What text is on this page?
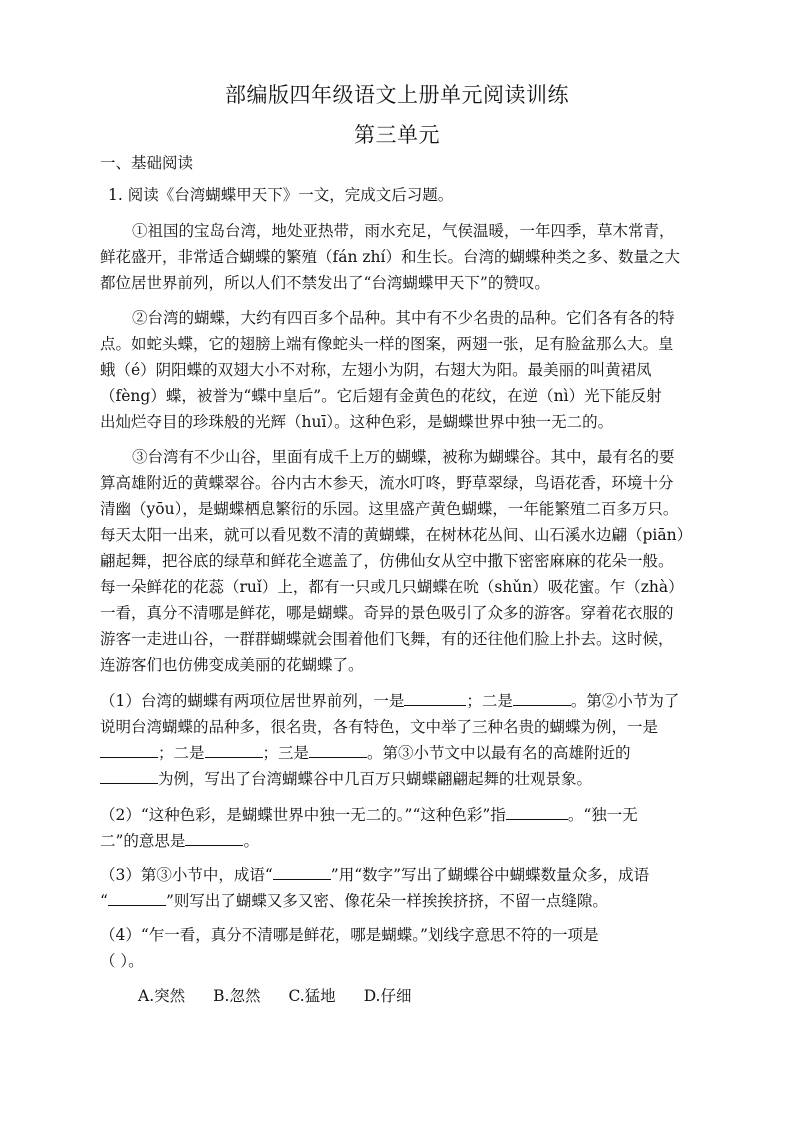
部编版四年级语文上册单元阅读训练
第三单元
一、基础阅读
1. 阅读《台湾蝴蝶甲天下》一文，完成文后习题。
①祖国的宝岛台湾，地处亚热带，雨水充足，气侯温暖，一年四季，草木常青，
鲜花盛开，非常适合蝴蝶的繁殖（fán zhí）和生长。台湾的蝴蝶种类之多、数量之大
都位居世界前列，所以人们不禁发出了“台湾蝴蝶甲天下”的赞叹。
②台湾的蝴蝶，大约有四百多个品种。其中有不少名贵的品种。它们各有各的特
点。如蛇头蝶，它的翅膀上端有像蛇头一样的图案，两翅一张，足有脸盆那么大。皇
蛾（é）阴阳蝶的双翅大小不对称，左翅小为阴，右翅大为阳。最美丽的叫黄裙凤
（fèng）蝶，被誉为“蝶中皇后”。它后翅有金黄色的花纹，在逆（nì）光下能反射
出灿烂夺目的珍珠般的光辉（huī）。这种色彩，是蝴蝶世界中独一无二的。
③台湾有不少山谷，里面有成千上万的蝴蝶，被称为蝴蝶谷。其中，最有名的要
算高雄附近的黄蝶翠谷。谷内古木参天，流水叮咚，野草翠绿，鸟语花香，环境十分
清幽（yōu），是蝴蝶栖息繁衍的乐园。这里盛产黄色蝴蝶，一年能繁殖二百多万只。
每天太阳一出来，就可以看见数不清的黄蝴蝶，在树林花丛间、山石溪水边翩（piān）
翩起舞，把谷底的绿草和鲜花全遮盖了，仿佛仙女从空中撒下密密麻麻的花朵一般。
每一朵鲜花的花蕊（ruǐ）上，都有一只或几只蝴蝶在吮（shǔn）吸花蜜。乍（zhà）
一看，真分不清哪是鲜花，哪是蝴蝶。奇异的景色吸引了众多的游客。穿着花衣服的
游客一走进山谷，一群群蝴蝶就会围着他们飞舞，有的还往他们脸上扑去。这时候，
连游客们也仿佛变成美丽的花蝴蝶了。
（1）台湾的蝴蝶有两项位居世界前列，一是	；二是	。第②小节为了
说明台湾蝴蝶的品种多，很名贵，各有特色，文中举了三种名贵的蝴蝶为例，一是
；二是	；三是	。第③小节文中以最有名的高雄附近的
为例，写出了台湾蝴蝶谷中几百万只蝴蝶翩翩起舞的壮观景象。
（2）“这种色彩，是蝴蝶世界中独一无二的。”“这种色彩”指	。“独一无
二”的意思是	。
（3）第③小节中，成语“	”用“数字”写出了蝴蝶谷中蝴蝶数量众多，成语
“	”则写出了蝴蝶又多又密、像花朵一样挨挨挤挤，不留一点缝隙。
（4）“乍一看，真分不清哪是鲜花，哪是蝴蝶。”划线字意思不符的一项是
（ ）。
A.突然 B.忽然 C.猛地 D.仔细
